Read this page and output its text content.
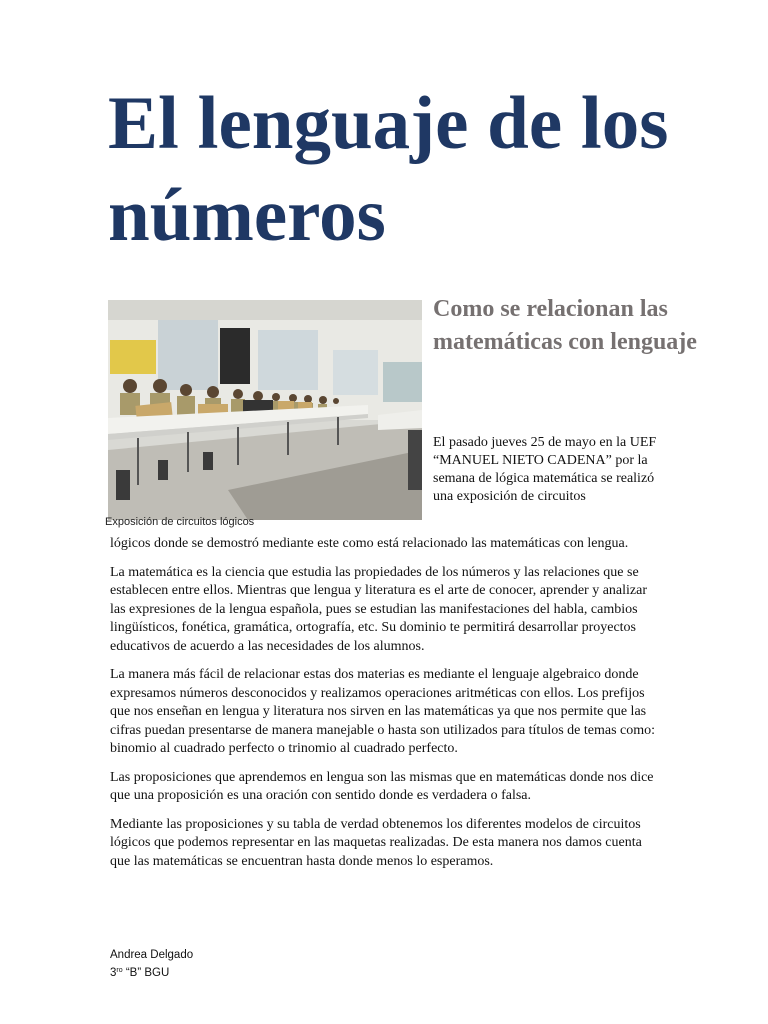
El lenguaje de los números
Exposición de circuitos lógicos
Como se relacionan las matemáticas con lenguaje

El pasado jueves 25 de mayo en la UEF “MANUEL NIETO CADENA” por la semana de lógica matemática se realizó una exposición de circuitos

lógicos donde se demostró mediante este como está relacionado las matemáticas con lengua.

La matemática es la ciencia que estudia las propiedades de los números y las relaciones que se establecen entre ellos. Mientras que lengua y literatura es el arte de conocer, aprender y analizar las expresiones de la lengua española, pues se estudian las manifestaciones del habla, cambios lingüísticos, fonética, gramática, ortografía, etc. Su dominio te permitirá desarrollar proyectos educativos de acuerdo a las necesidades de los alumnos.

La manera más fácil de relacionar estas dos materias es mediante el lenguaje algebraico donde expresamos números desconocidos y realizamos operaciones aritméticas con ellos. Los prefijos que nos enseñan en lengua y literatura nos sirven en las matemáticas ya que nos permite que las cifras puedan presentarse de manera manejable o hasta son utilizados para títulos de temas como: binomio al cuadrado perfecto o trinomio al cuadrado perfecto.

Las proposiciones que aprendemos en lengua son las mismas que en matemáticas donde nos dice que una proposición es una oración con sentido donde es verdadera o falsa.

Mediante las proposiciones y su tabla de verdad obtenemos los diferentes modelos de circuitos lógicos que podemos representar en las maquetas realizadas. De esta manera nos damos cuenta que las matemáticas se encuentran hasta donde menos lo esperamos.

Andrea Delgado
$3^{ro}$ “B” BGU
